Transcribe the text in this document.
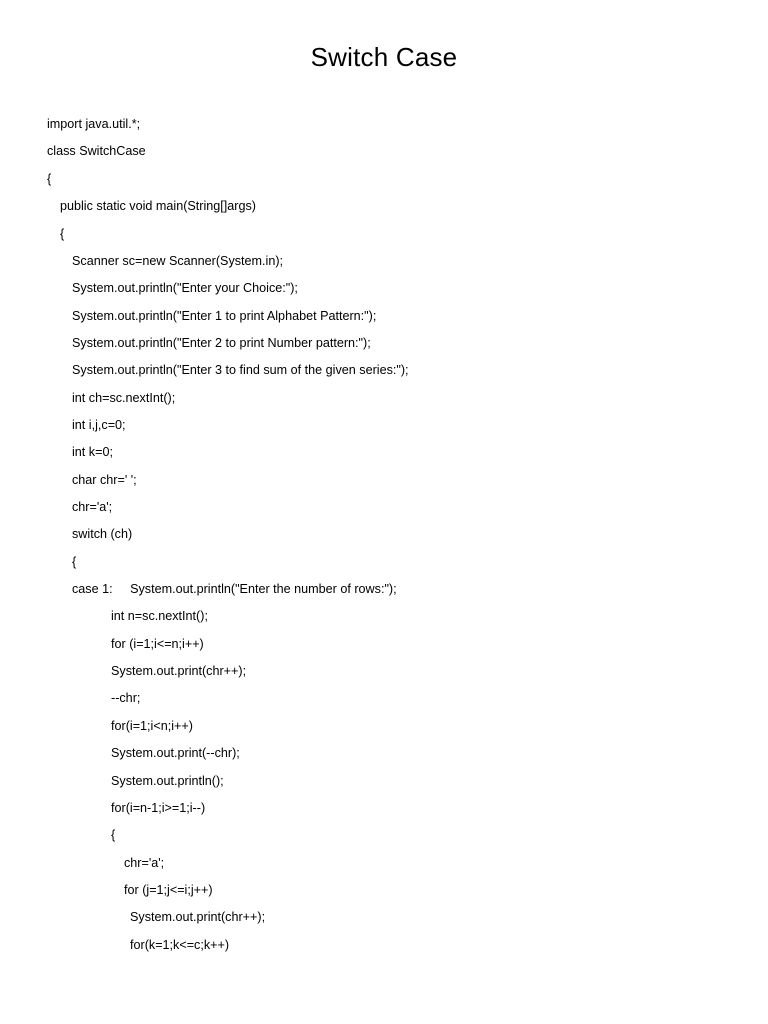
Switch Case
import java.util.*;
class SwitchCase
{
public static void main(String[]args)
{
Scanner sc=new Scanner(System.in);
System.out.println("Enter your Choice:");
System.out.println("Enter 1 to print Alphabet Pattern:");
System.out.println("Enter 2 to print Number pattern:");
System.out.println("Enter 3 to find sum of the given series:");
int ch=sc.nextInt();
int i,j,c=0;
int k=0;
char chr=' ';
chr='a';
switch (ch)
{
case 1:     System.out.println("Enter the number of rows:");
int n=sc.nextInt();
for (i=1;i<=n;i++)
System.out.print(chr++);
--chr;
for(i=1;i<n;i++)
System.out.print(--chr);
System.out.println();
for(i=n-1;i>=1;i--)
{
chr='a';
for (j=1;j<=i;j++)
System.out.print(chr++);
for(k=1;k<=c;k++)
